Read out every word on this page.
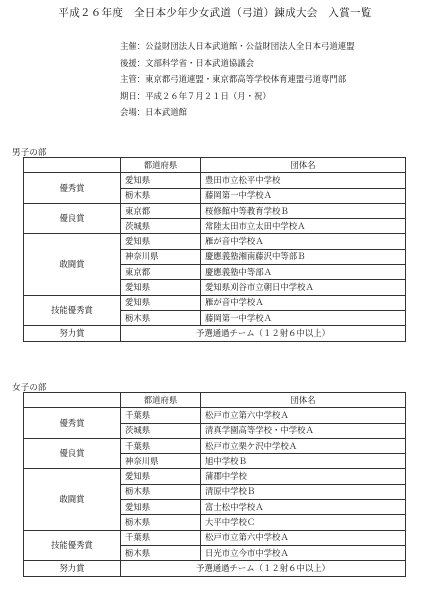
平成２６年度　全日本少年少女武道（弓道）錬成大会　入賞一覧
主催：公益財団法人日本武道館・公益財団法人全日本弓道連盟
後援：文部科学省・日本武道協議会
主管：東京都弓道連盟・東京都高等学校体育連盟弓道専門部
期日：平成２６年７月２１日（月・祝）
会場：日本武道館
男子の部
	都道府県	団体名
優秀賞	愛知県	豊田市立松平中学校
	栃木県	藤岡第一中学校Ａ
優良賞	東京都	桜修館中等教育学校Ｂ
	茨城県	常陸太田市立太田中学校Ａ
敢闘賞	愛知県	雁が音中学校Ａ
	神奈川県	慶應義塾湘南藤沢中等部Ｂ
	東京都	慶應義塾中等部Ａ
	愛知県	愛知県刈谷市立朝日中学校Ａ
技能優秀賞	愛知県	雁が音中学校Ａ
	栃木県	藤岡第一中学校Ａ
努力賞	予選通過チーム（１２射６中以上）	
女子の部
	都道府県	団体名
優秀賞	千葉県	松戸市立第六中学校Ａ
	茨城県	清真学園高等学校・中学校Ａ
優良賞	千葉県	松戸市立栗ケ沢中学校Ａ
	神奈川県	旭中学校Ｂ
敢闘賞	愛知県	蒲郡中学校
	栃木県	清原中学校Ｂ
	愛知県	富士松中学校Ａ
	栃木県	大平中学校Ｃ
技能優秀賞	千葉県	松戸市立第六中学校Ａ
	栃木県	日光市立今市中学校Ａ
努力賞	予選通過チーム（１２射６中以上）	
